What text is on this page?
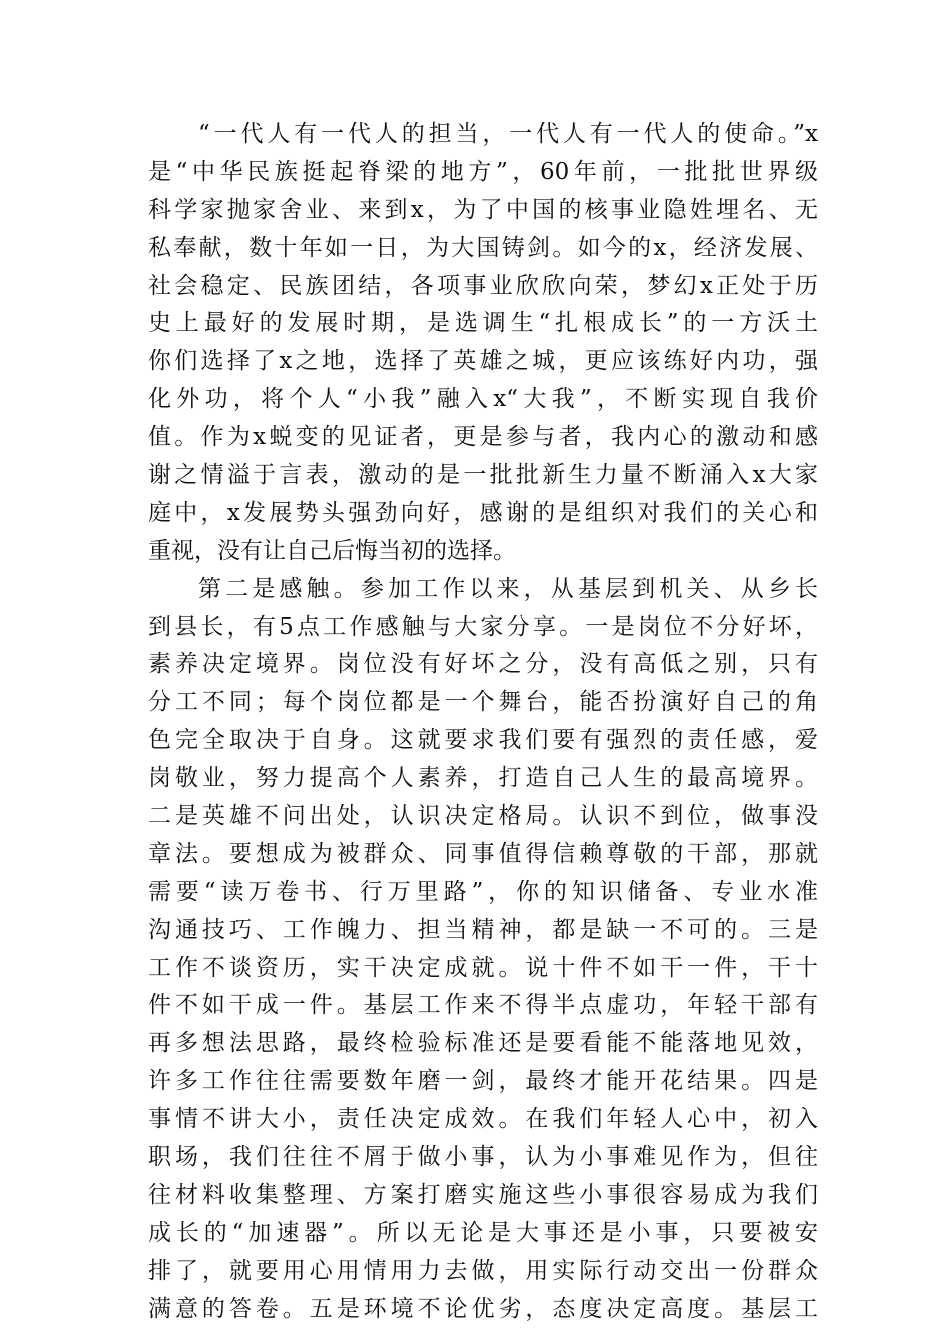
“一代人有一代人的担当，一代人有一代人的使命。”x
是“中华民族挺起脊梁的地方”，60年前，一批批世界级
科学家抛家舍业、来到x，为了中国的核事业隐姓埋名、无
私奉献，数十年如一日，为大国铸剑。如今的x，经济发展、
社会稳定、民族团结，各项事业欣欣向荣，梦幻x正处于历
史上最好的发展时期，是选调生“扎根成长”的一方沃土
你们选择了x之地，选择了英雄之城，更应该练好内功，强
化外功，将个人“小我”融入x“大我”，不断实现自我价
值。作为x蜕变的见证者，更是参与者，我内心的激动和感
谢之情溢于言表，激动的是一批批新生力量不断涌入x大家
庭中，x发展势头强劲向好，感谢的是组织对我们的关心和
重视，没有让自己后悔当初的选择。
第二是感触。参加工作以来，从基层到机关、从乡长
到县长，有5点工作感触与大家分享。一是岗位不分好坏，
素养决定境界。岗位没有好坏之分，没有高低之别，只有
分工不同；每个岗位都是一个舞台，能否扮演好自己的角
色完全取决于自身。这就要求我们要有强烈的责任感，爱
岗敬业，努力提高个人素养，打造自己人生的最高境界。
二是英雄不问出处，认识决定格局。认识不到位，做事没
章法。要想成为被群众、同事值得信赖尊敬的干部，那就
需要“读万卷书、行万里路”，你的知识储备、专业水准
沟通技巧、工作魄力、担当精神，都是缺一不可的。三是
工作不谈资历，实干决定成就。说十件不如干一件，干十
件不如干成一件。基层工作来不得半点虚功，年轻干部有
再多想法思路，最终检验标准还是要看能不能落地见效，
许多工作往往需要数年磨一剑，最终才能开花结果。四是
事情不讲大小，责任决定成效。在我们年轻人心中，初入
职场，我们往往不屑于做小事，认为小事难见作为，但往
往材料收集整理、方案打磨实施这些小事很容易成为我们
成长的“加速器”。所以无论是大事还是小事，只要被安
排了，就要用心用情用力去做，用实际行动交出一份群众
满意的答卷。五是环境不论优劣，态度决定高度。基层工
